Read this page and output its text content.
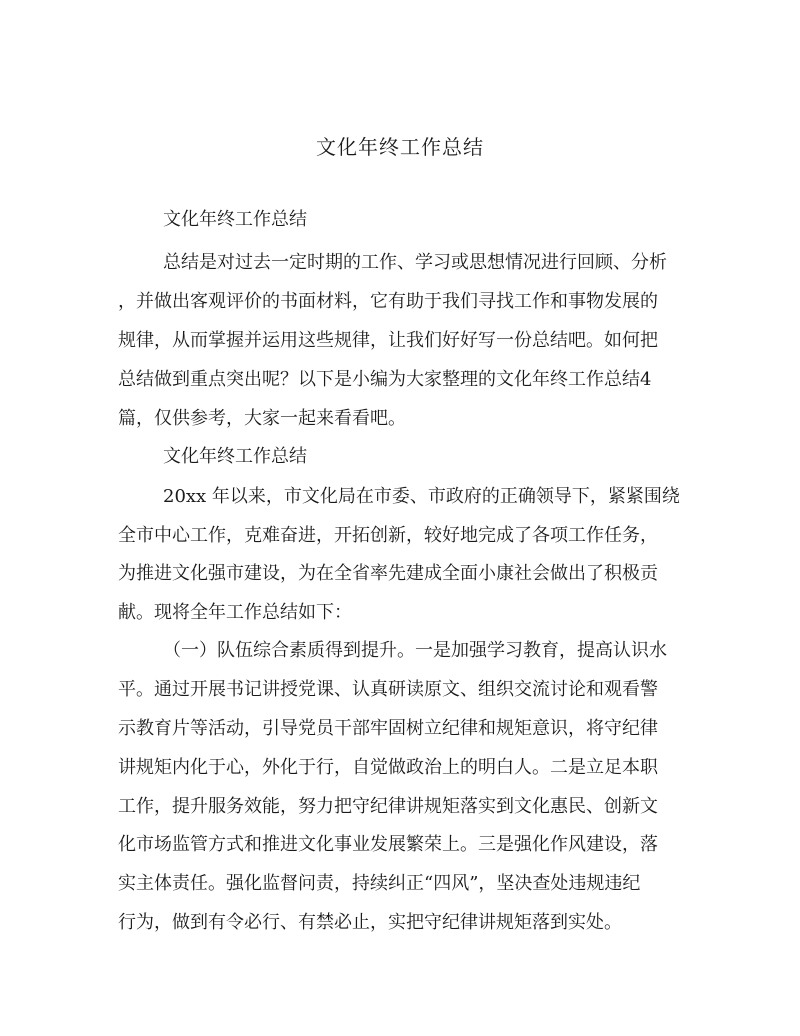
文化年终工作总结
文化年终工作总结
总结是对过去一定时期的工作、学习或思想情况进行回顾、分析
，并做出客观评价的书面材料，它有助于我们寻找工作和事物发展的
规律，从而掌握并运用这些规律，让我们好好写一份总结吧。如何把
总结做到重点突出呢？以下是小编为大家整理的文化年终工作总结4
篇，仅供参考，大家一起来看看吧。
文化年终工作总结
20xx 年以来，市文化局在市委、市政府的正确领导下，紧紧围绕
全市中心工作，克难奋进，开拓创新，较好地完成了各项工作任务，
为推进文化强市建设，为在全省率先建成全面小康社会做出了积极贡
献。现将全年工作总结如下：
（一）队伍综合素质得到提升。一是加强学习教育，提高认识水
平。通过开展书记讲授党课、认真研读原文、组织交流讨论和观看警
示教育片等活动，引导党员干部牢固树立纪律和规矩意识，将守纪律
讲规矩内化于心，外化于行，自觉做政治上的明白人。二是立足本职
工作，提升服务效能，努力把守纪律讲规矩落实到文化惠民、创新文
化市场监管方式和推进文化事业发展繁荣上。三是强化作风建设，落
实主体责任。强化监督问责，持续纠正“四风”，坚决查处违规违纪
行为，做到有令必行、有禁必止，实把守纪律讲规矩落到实处。
